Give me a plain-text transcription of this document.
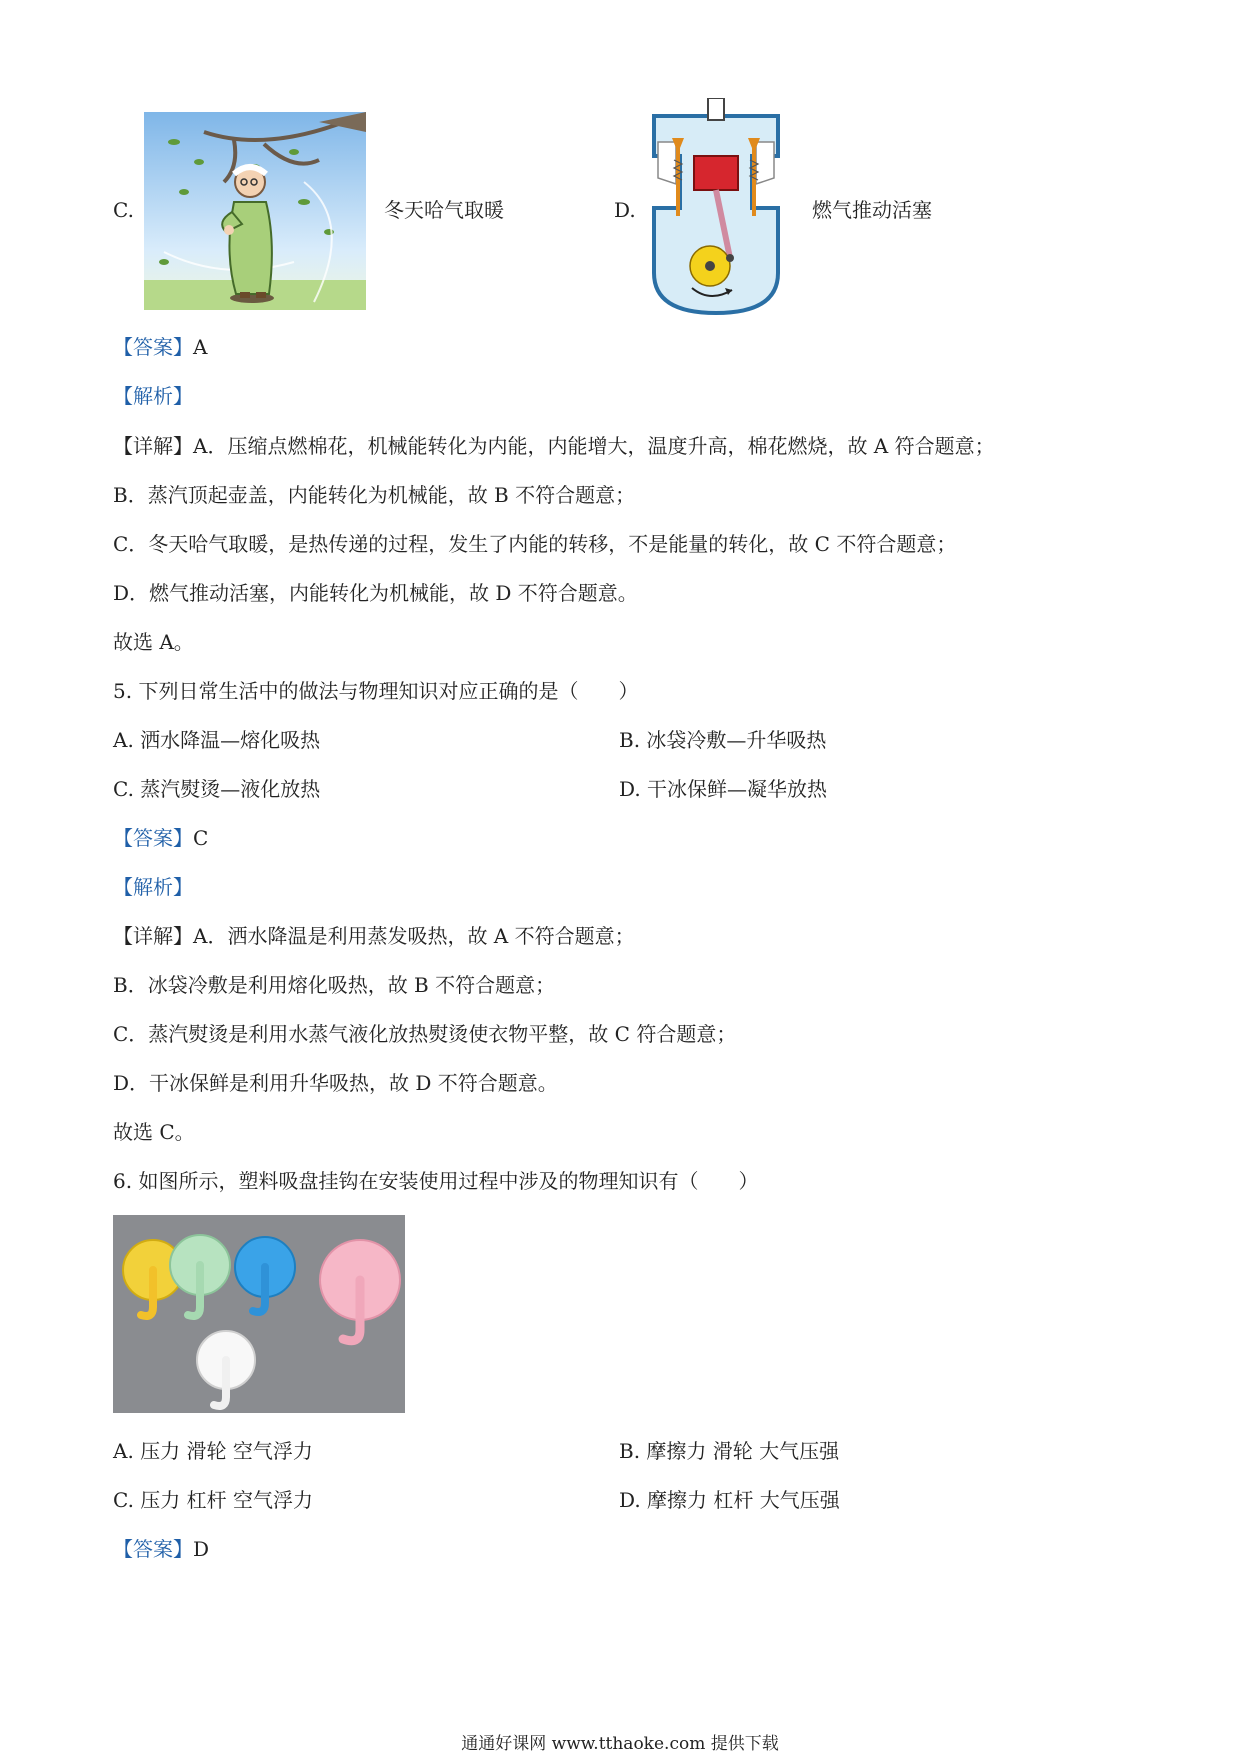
C.	冬天哈气取暖	D.	燃气推动活塞
【答案】A
【解析】
【详解】A．压缩点燃棉花，机械能转化为内能，内能增大，温度升高，棉花燃烧，故 A 符合题意；
B．蒸汽顶起壶盖，内能转化为机械能，故 B 不符合题意；
C．冬天哈气取暖，是热传递的过程，发生了内能的转移，不是能量的转化，故 C 不符合题意；
D．燃气推动活塞，内能转化为机械能，故 D 不符合题意。
故选 A。
5. 下列日常生活中的做法与物理知识对应正确的是（　　）
A. 洒水降温—熔化吸热	B. 冰袋冷敷—升华吸热
C. 蒸汽熨烫—液化放热	D. 干冰保鲜—凝华放热
【答案】C
【解析】
【详解】A．洒水降温是利用蒸发吸热，故 A 不符合题意；
B．冰袋冷敷是利用熔化吸热，故 B 不符合题意；
C．蒸汽熨烫是利用水蒸气液化放热熨烫使衣物平整，故 C 符合题意；
D．干冰保鲜是利用升华吸热，故 D 不符合题意。
故选 C。
6. 如图所示，塑料吸盘挂钩在安装使用过程中涉及的物理知识有（　　）
A. 压力 滑轮 空气浮力	B. 摩擦力 滑轮 大气压强
C. 压力 杠杆 空气浮力	D. 摩擦力 杠杆 大气压强
【答案】D
通通好课网 www.tthaoke.com 提供下载
